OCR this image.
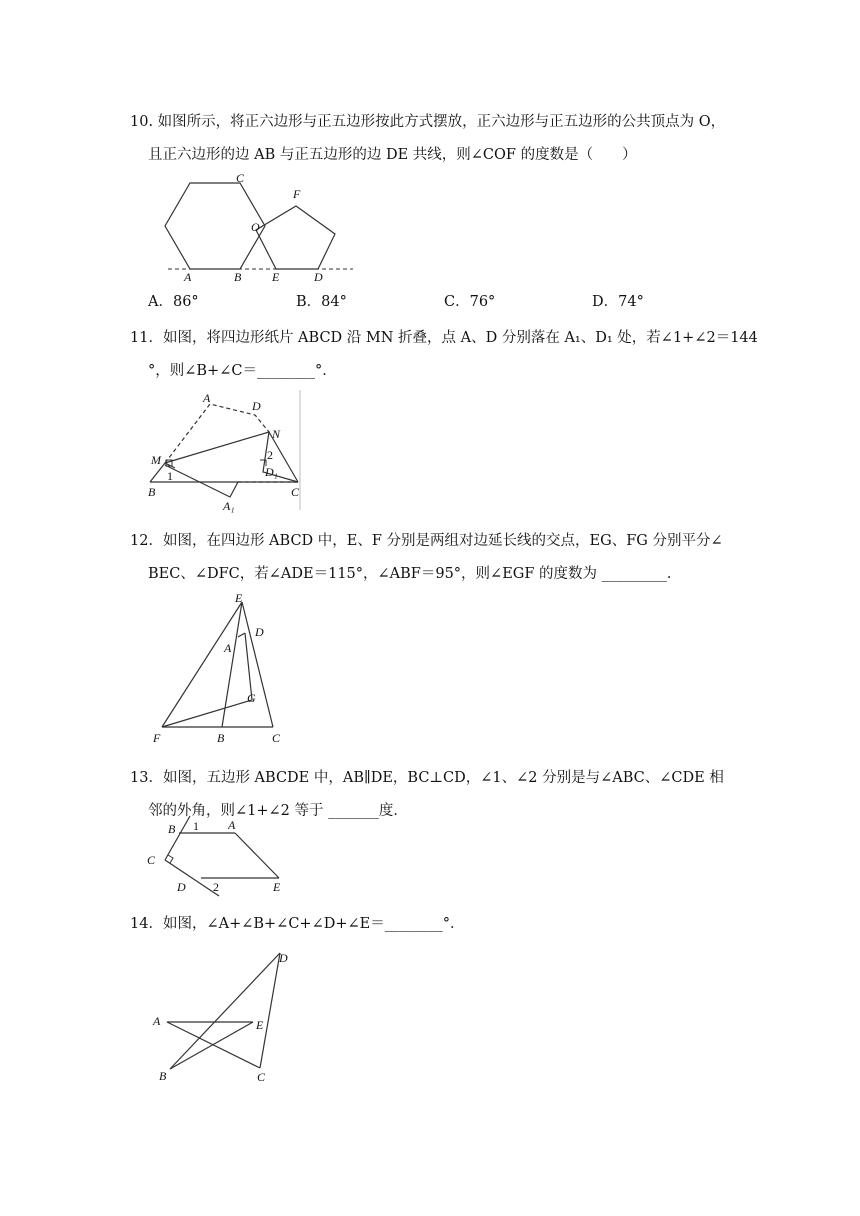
10. 如图所示，将正六边形与正五边形按此方式摆放，正六边形与正五边形的公共顶点为 O，
且正六边形的边 AB 与正五边形的边 DE 共线，则∠COF 的度数是（　　）
C
O
F
A	B	E	D
A．86°	B．84°	C．76°	D．74°
11．如图，将四边形纸片 ABCD 沿 MN 折叠，点 A、D 分别落在 A₁、D₁ 处，若∠1+∠2＝144
°，则∠B+∠C＝________°．
A
D
N
M
1
2
D₁
B	C
A₁
12．如图，在四边形 ABCD 中，E、F 分别是两组对边延长线的交点，EG、FG 分别平分∠
BEC、∠DFC，若∠ADE＝115°，∠ABF＝95°，则∠EGF 的度数为 _________．
E
D
A
G
F	B	C
13．如图，五边形 ABCDE 中，AB∥DE，BC⊥CD，∠1、∠2 分别是与∠ABC、∠CDE 相
邻的外角，则∠1+∠2 等于 _______度．
B 1 A
C
D 2	E
14．如图，∠A+∠B+∠C+∠D+∠E＝________°．
D
A	E
B	C
